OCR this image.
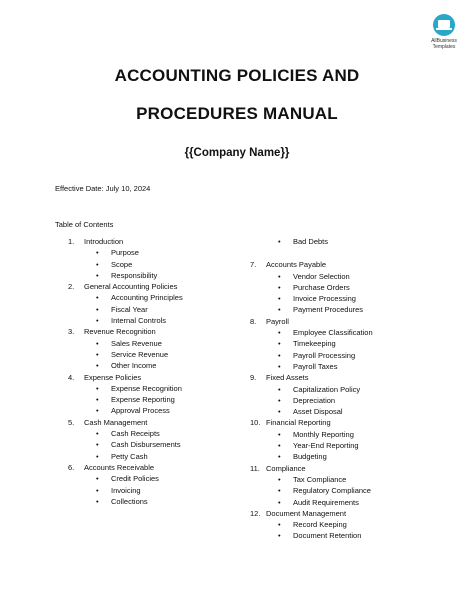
AllBusiness Templates
ACCOUNTING POLICIES AND
PROCEDURES MANUAL
{{Company Name}}
Effective Date: July 10, 2024
Table of Contents
1. Introduction
• Purpose
• Scope
• Responsibility
2. General Accounting Policies
• Accounting Principles
• Fiscal Year
• Internal Controls
3. Revenue Recognition
• Sales Revenue
• Service Revenue
• Other Income
4. Expense Policies
• Expense Recognition
• Expense Reporting
• Approval Process
5. Cash Management
• Cash Receipts
• Cash Disbursements
• Petty Cash
6. Accounts Receivable
• Credit Policies
• Invoicing
• Collections
• Bad Debts
7. Accounts Payable
• Vendor Selection
• Purchase Orders
• Invoice Processing
• Payment Procedures
8. Payroll
• Employee Classification
• Timekeeping
• Payroll Processing
• Payroll Taxes
9. Fixed Assets
• Capitalization Policy
• Depreciation
• Asset Disposal
10. Financial Reporting
• Monthly Reporting
• Year-End Reporting
• Budgeting
11. Compliance
• Tax Compliance
• Regulatory Compliance
• Audit Requirements
12. Document Management
• Record Keeping
• Document Retention
